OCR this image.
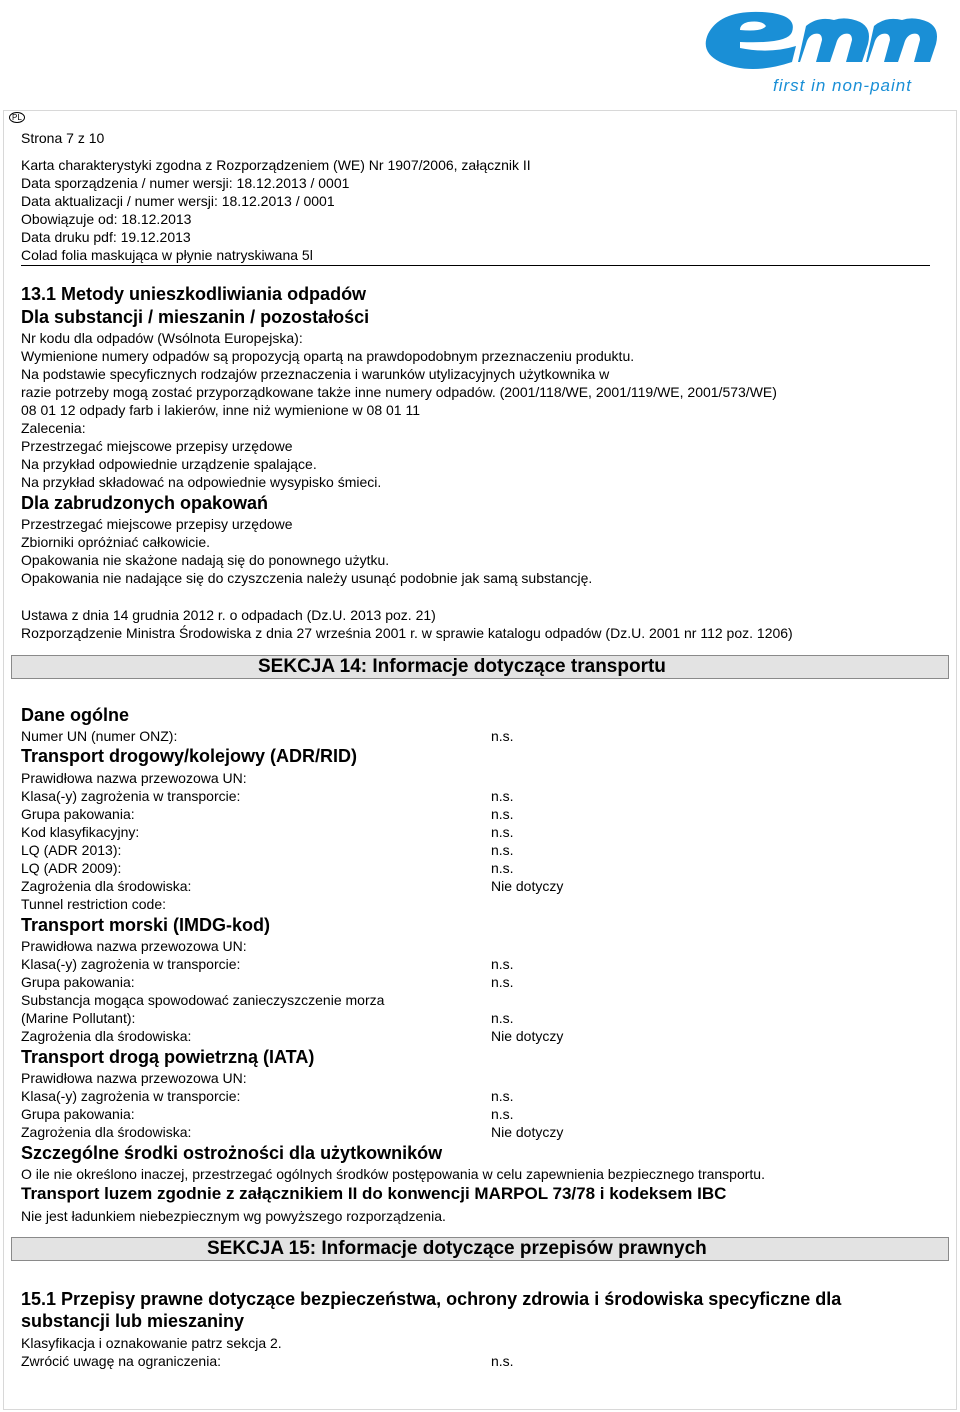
first in non-paint
PL
Strona 7 z 10
Karta charakterystyki zgodna z Rozporządzeniem (WE) Nr 1907/2006, załącznik II
Data sporządzenia / numer wersji: 18.12.2013 / 0001
Data aktualizacji / numer wersji: 18.12.2013 / 0001
Obowiązuje od: 18.12.2013
Data druku pdf: 19.12.2013
Colad folia maskująca w płynie natryskiwana 5l
13.1 Metody unieszkodliwiania odpadów
Dla substancji / mieszanin / pozostałości
Nr kodu dla odpadów (Wsólnota Europejska):
Wymienione numery odpadów są propozycją opartą na prawdopodobnym przeznaczeniu produktu.
Na podstawie specyficznych rodzajów przeznaczenia i warunków utylizacyjnych użytkownika w
razie potrzeby mogą zostać przyporządkowane także inne numery odpadów. (2001/118/WE, 2001/119/WE, 2001/573/WE)
08 01 12 odpady farb i lakierów, inne niż wymienione w 08 01 11
Zalecenia:
Przestrzegać miejscowe przepisy urzędowe
Na przykład odpowiednie urządzenie spalające.
Na przykład składować na odpowiednie wysypisko śmieci.
Dla zabrudzonych opakowań
Przestrzegać miejscowe przepisy urzędowe
Zbiorniki opróżniać całkowicie.
Opakowania nie skażone nadają się do ponownego użytku.
Opakowania nie nadające się do czyszczenia należy usunąć podobnie jak samą substancję.
Ustawa z dnia 14 grudnia 2012 r. o odpadach (Dz.U. 2013 poz. 21)
Rozporządzenie Ministra Środowiska z dnia 27 września 2001 r. w sprawie katalogu odpadów (Dz.U. 2001 nr 112 poz. 1206)
SEKCJA 14: Informacje dotyczące transportu
Dane ogólne
Numer UN (numer ONZ):	n.s.
Transport drogowy/kolejowy (ADR/RID)
Prawidłowa nazwa przewozowa UN:
Klasa(-y) zagrożenia w transporcie:	n.s.
Grupa pakowania:	n.s.
Kod klasyfikacyjny:	n.s.
LQ (ADR 2013):	n.s.
LQ (ADR 2009):	n.s.
Zagrożenia dla środowiska:	Nie dotyczy
Tunnel restriction code:
Transport morski (IMDG-kod)
Prawidłowa nazwa przewozowa UN:
Klasa(-y) zagrożenia w transporcie:	n.s.
Grupa pakowania:	n.s.
Substancja mogąca spowodować zanieczyszczenie morza
(Marine Pollutant):	n.s.
Zagrożenia dla środowiska:	Nie dotyczy
Transport drogą powietrzną (IATA)
Prawidłowa nazwa przewozowa UN:
Klasa(-y) zagrożenia w transporcie:	n.s.
Grupa pakowania:	n.s.
Zagrożenia dla środowiska:	Nie dotyczy
Szczególne środki ostrożności dla użytkowników
O ile nie określono inaczej, przestrzegać ogólnych środków postępowania w celu zapewnienia bezpiecznego transportu.
Transport luzem zgodnie z załącznikiem II do konwencji MARPOL 73/78 i kodeksem IBC
Nie jest ładunkiem niebezpiecznym wg powyższego rozporządzenia.
SEKCJA 15: Informacje dotyczące przepisów prawnych
15.1 Przepisy prawne dotyczące bezpieczeństwa, ochrony zdrowia i środowiska specyficzne dla
substancji lub mieszaniny
Klasyfikacja i oznakowanie patrz sekcja 2.
Zwrócić uwagę na ograniczenia:	n.s.
